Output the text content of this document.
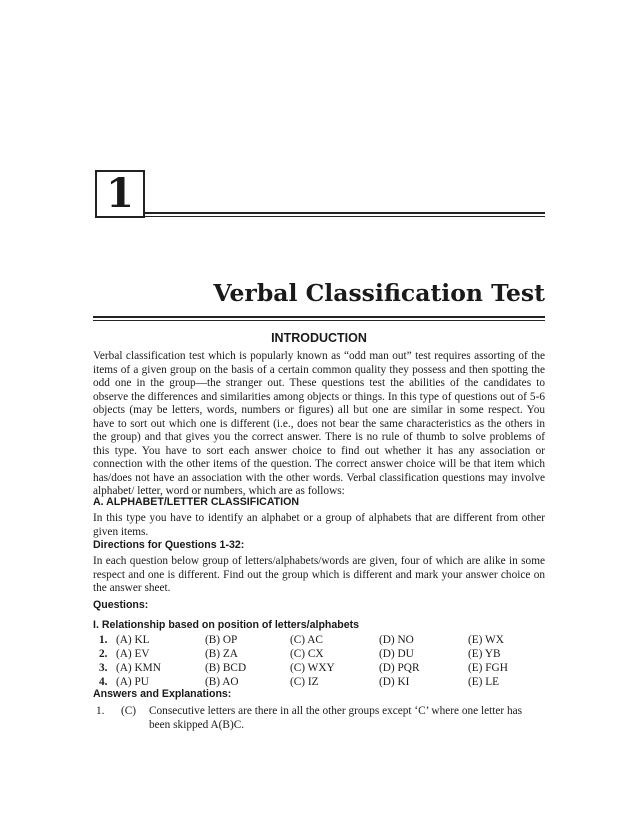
1
Verbal Classification Test
INTRODUCTION
Verbal classification test which is popularly known as “odd man out” test requires assorting of the items of a given group on the basis of a certain common quality they possess and then spotting the odd one in the group—the stranger out. These questions test the abilities of the candidates to observe the differences and similarities among objects or things. In this type of questions out of 5-6 objects (may be letters, words, numbers or figures) all but one are similar in some respect. You have to sort out which one is different (i.e., does not bear the same characteristics as the others in the group) and that gives you the correct answer. There is no rule of thumb to solve problems of this type. You have to sort each answer choice to find out whether it has any association or connection with the other items of the question. The correct answer choice will be that item which has/does not have an association with the other words. Verbal classification questions may involve alphabet/ letter, word or numbers, which are as follows:
A. ALPHABET/LETTER CLASSIFICATION
In this type you have to identify an alphabet or a group of alphabets that are different from other given items.
Directions for Questions 1-32:
In each question below group of letters/alphabets/words are given, four of which are alike in some respect and one is different. Find out the group which is different and mark your answer choice on the answer sheet.
Questions:
I. Relationship based on position of letters/alphabets
1. (A) KL	(B) OP	(C) AC	(D) NO	(E) WX
2. (A) EV	(B) ZA	(C) CX	(D) DU	(E) YB
3. (A) KMN	(B) BCD	(C) WXY	(D) PQR	(E) FGH
4. (A) PU	(B) AO	(C) IZ	(D) KI	(E) LE
Answers and Explanations:
1. (C) Consecutive letters are there in all the other groups except ‘C’ where one letter has been skipped A(B)C.
